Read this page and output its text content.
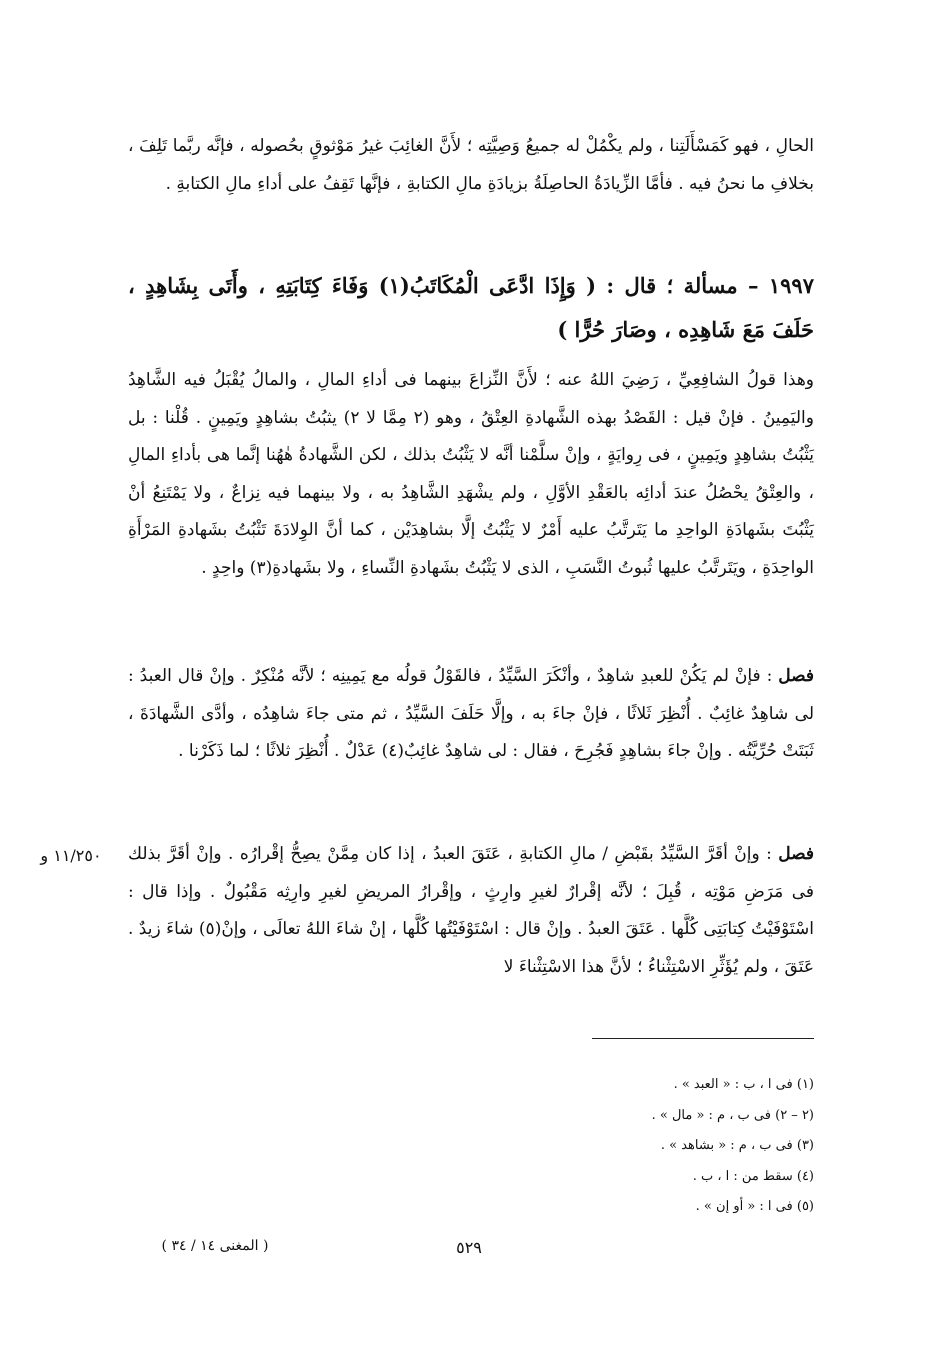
الحالِ ، فهو كَمَسْأَلَتِنا ، ولم يكْمُلْ له جميعُ وَصِيَّتِه ؛ لأَنَّ الغائِبَ غيرُ مَوْثوقٍ بحُصوله ، فإنَّه ربَّما تَلِفَ ، بخلافِ ما نحنُ فيه . فأمَّا الزِّيادَةُ الحاصِلَةُ بزيادَةِ مالِ الكتابةِ ، فإنَّها تَقِفُ على أداءِ مالِ الكتابةِ .
١٩٩٧ – مسألة ؛ قال : ( وَإِذَا ادَّعَى الْمُكَاتَبُ(١) وَفَاءَ كِتَابَتِهِ ، وأَتَى بِشَاهِدٍ ، حَلَفَ مَعَ شَاهِدِه ، وصَارَ حُرًّا )
وهذا قولُ الشافِعِيِّ ، رَضِيَ اللهُ عنه ؛ لأَنَّ النِّزاعَ بينهما فى أداءِ المالِ ، والمالُ يُقْبَلُ فيه الشَّاهِدُ واليَمِينُ . فإنْ قيل : القَصْدُ بهذه الشَّهادةِ العِتْقُ ، وهو (٢ مِمَّا لا ٢) يثبُتُ بشاهِدٍ ويَمِينٍ . قُلْنا : بل يَثْبُتُ بشاهِدٍ ويَمِينٍ ، فى رِوايَةٍ ، وإنْ سلَّمْنا أنَّه لا يَثْبُتُ بذلك ، لكن الشَّهادةُ هٰهُنا إنَّما هى بأداءِ المالِ ، والعِتْقُ يحْصُلُ عندَ أدائِه بالعَقْدِ الأوَّلِ ، ولم يشْهَدِ الشَّاهِدُ به ، ولا بينهما فيه نِزاعٌ ، ولا يَمْتَنِعُ أنْ يَثْبُتَ بشَهادَةِ الواحِدِ ما يَتَرتَّبُ عليه أَمْرٌ لا يَثْبُتُ إلَّا بشاهِدَيْن ، كما أنَّ الوِلادَةَ تَثْبُتُ بشَهادةِ المَرْأَةِ الواحِدَةِ ، ويَتَرتَّبُ عليها ثُبوتُ النَّسَبِ ، الذى لا يَثْبُتُ بشَهادةِ النِّساءِ ، ولا بشَهادةِ(٣) واحِدٍ .
فصل : فإنْ لم يَكُنْ للعبدِ شاهِدٌ ، وأنْكَرَ السَّيِّدُ ، فالقَوْلُ قولُه مع يَمِينِه ؛ لأنَّه مُنْكِرٌ . وإنْ قال العبدُ : لى شاهِدٌ غائِبٌ . أُنْظِرَ ثَلاثًا ، فإنْ جاءَ به ، وإلَّا حَلَفَ السَّيِّدُ ، ثم متى جاءَ شاهِدُه ، وأدَّى الشَّهادَةَ ، ثَبَتَتْ حُرِّيَّتُه . وإنْ جاءَ بشاهِدٍ فَجُرِحَ ، فقال : لى شاهِدٌ غائِبٌ(٤) عَدْلٌ . أُنْظِرَ ثلاثًا ؛ لما ذَكَرْنا .
فصل : وإنْ أقَرَّ السَّيِّدُ بقَبْضِ / مالِ الكتابةِ ، عَتَقَ العبدُ ، إذا كان مِمَّنْ يصِحُّ إقْرارُه . وإنْ أقَرَّ بذلك فى مَرَضِ مَوْتِه ، قُبِلَ ؛ لأنَّه إقْرارٌ لغيرِ وارِثٍ ، وإقْرارُ المريضِ لغيرِ وارِثِه مَقْبُولٌ . وإذا قال : اسْتَوْفَيْتُ كِتابَتِى كُلَّها . عَتَقَ العبدُ . وإنْ قال : اسْتَوْفَيْتُها كُلَّها ، إنْ شاءَ اللهُ تعالَى ، وإنْ(٥) شاءَ زيدٌ . عَتَقَ ، ولم يُؤَثِّرِ الاسْتِثْناءُ ؛ لأنَّ هذا الاسْتِثْناءَ لا
١١/٢٥٠ و
(١) فى ا ، ب : « العبد » .
(٢ – ٢) فى ب ، م : « مال » .
(٣) فى ب ، م : « بشاهد » .
(٤) سقط من : ا ، ب .
(٥) فى ا : « أو إن » .
٥٢٩
( المغنى ١٤ / ٣٤ )
